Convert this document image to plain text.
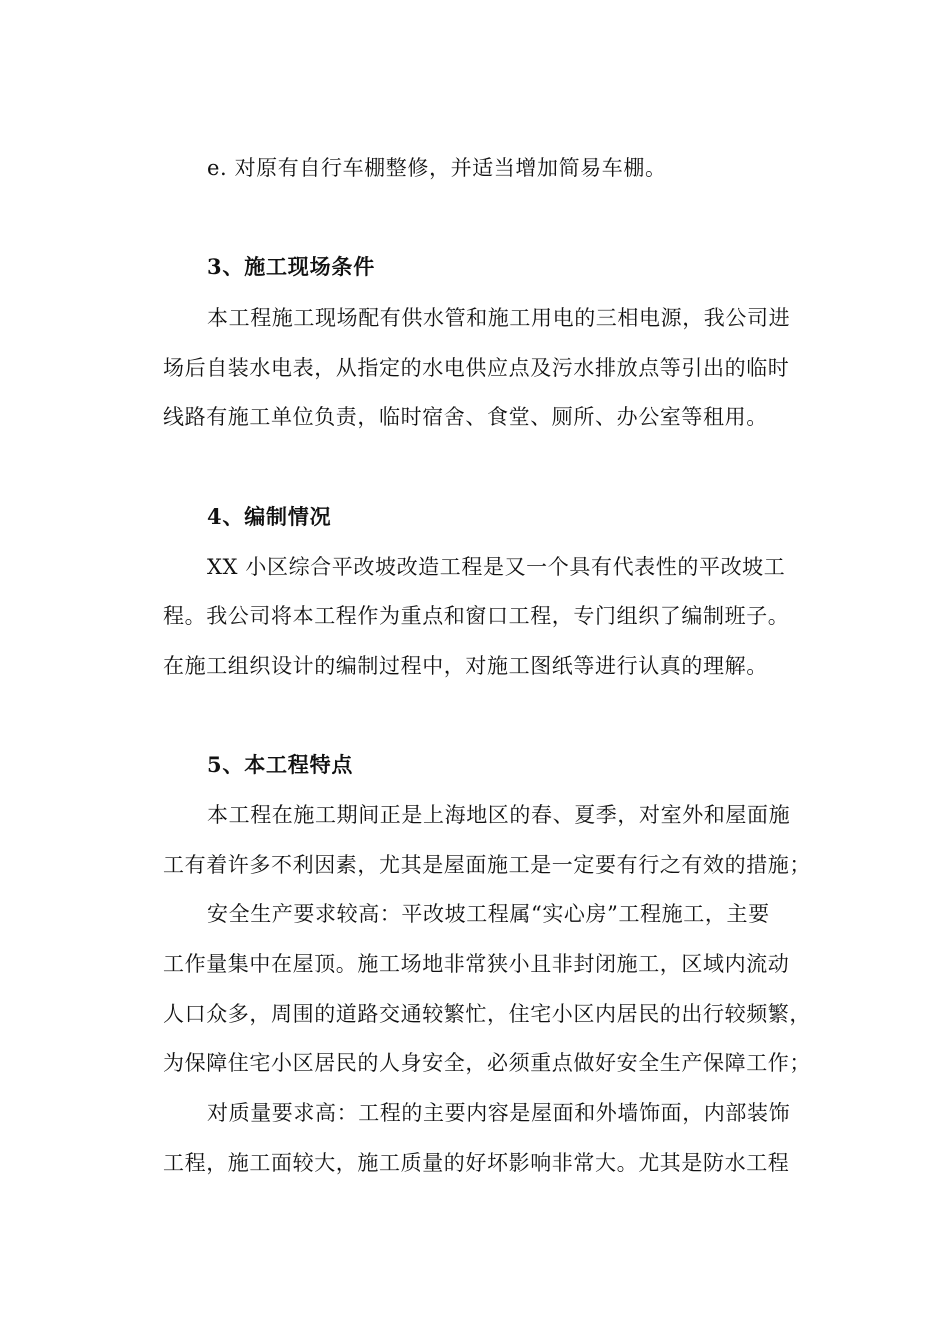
e. 对原有自行车棚整修，并适当增加简易车棚。
3、施工现场条件
本工程施工现场配有供水管和施工用电的三相电源，我公司进
场后自装水电表，从指定的水电供应点及污水排放点等引出的临时
线路有施工单位负责，临时宿舍、食堂、厕所、办公室等租用。
4、编制情况
XX 小区综合平改坡改造工程是又一个具有代表性的平改坡工
程。我公司将本工程作为重点和窗口工程，专门组织了编制班子。
在施工组织设计的编制过程中，对施工图纸等进行认真的理解。
5、本工程特点
本工程在施工期间正是上海地区的春、夏季，对室外和屋面施
工有着许多不利因素，尤其是屋面施工是一定要有行之有效的措施；
安全生产要求较高：平改坡工程属“实心房”工程施工，主要
工作量集中在屋顶。施工场地非常狭小且非封闭施工，区域内流动
人口众多，周围的道路交通较繁忙，住宅小区内居民的出行较频繁，
为保障住宅小区居民的人身安全，必须重点做好安全生产保障工作；
对质量要求高：工程的主要内容是屋面和外墙饰面，内部装饰
工程，施工面较大，施工质量的好坏影响非常大。尤其是防水工程
